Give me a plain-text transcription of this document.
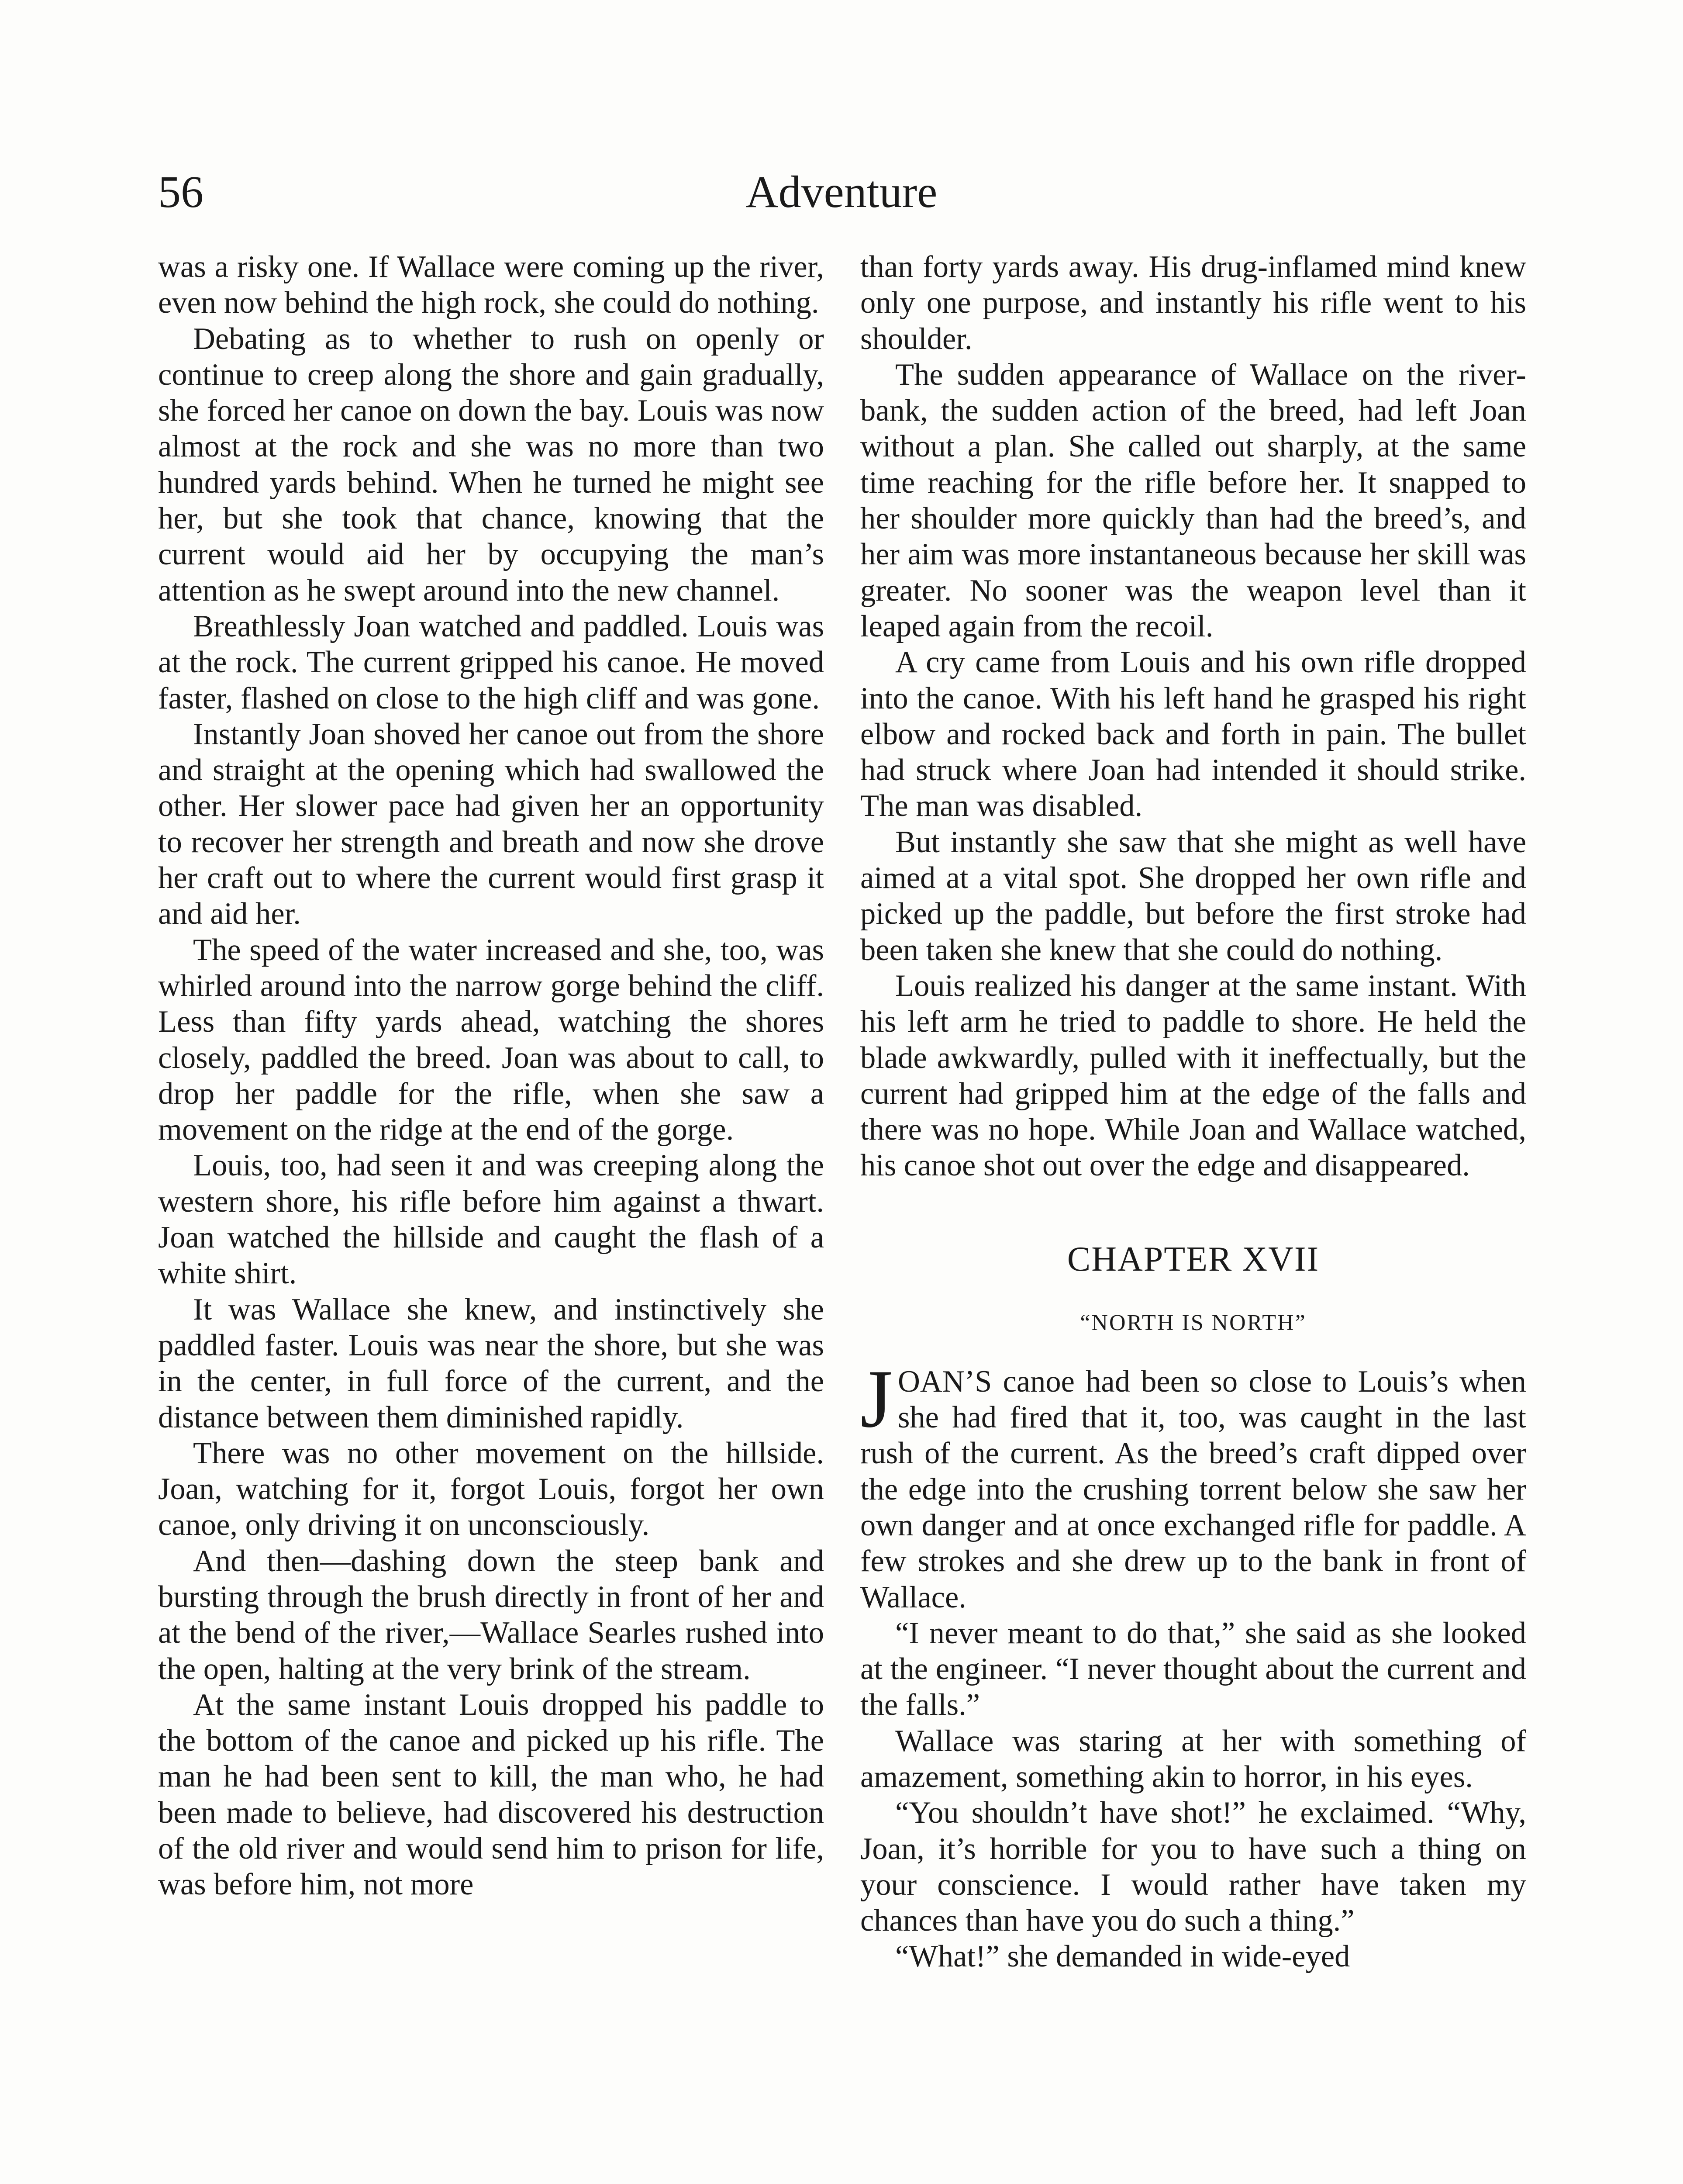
56	Adventure

was a risky one. If Wallace were coming up the river, even now behind the high rock, she could do nothing.

Debating as to whether to rush on openly or continue to creep along the shore and gain gradually, she forced her canoe on down the bay. Louis was now almost at the rock and she was no more than two hundred yards behind. When he turned he might see her, but she took that chance, knowing that the current would aid her by occupying the man’s attention as he swept around into the new channel.

Breathlessly Joan watched and paddled. Louis was at the rock. The current gripped his canoe. He moved faster, flashed on close to the high cliff and was gone.

Instantly Joan shoved her canoe out from the shore and straight at the opening which had swallowed the other. Her slower pace had given her an opportunity to recover her strength and breath and now she drove her craft out to where the current would first grasp it and aid her.

The speed of the water increased and she, too, was whirled around into the narrow gorge behind the cliff. Less than fifty yards ahead, watching the shores closely, paddled the breed. Joan was about to call, to drop her paddle for the rifle, when she saw a movement on the ridge at the end of the gorge.

Louis, too, had seen it and was creeping along the western shore, his rifle before him against a thwart. Joan watched the hillside and caught the flash of a white shirt.

It was Wallace she knew, and instinctively she paddled faster. Louis was near the shore, but she was in the center, in full force of the current, and the distance between them diminished rapidly.

There was no other movement on the hillside. Joan, watching for it, forgot Louis, forgot her own canoe, only driving it on unconsciously.

And then—dashing down the steep bank and bursting through the brush directly in front of her and at the bend of the river,—Wallace Searles rushed into the open, halting at the very brink of the stream.

At the same instant Louis dropped his paddle to the bottom of the canoe and picked up his rifle. The man he had been sent to kill, the man who, he had been made to believe, had discovered his destruction of the old river and would send him to prison for life, was before him, not more

than forty yards away. His drug-inflamed mind knew only one purpose, and instantly his rifle went to his shoulder.

The sudden appearance of Wallace on the river-bank, the sudden action of the breed, had left Joan without a plan. She called out sharply, at the same time reaching for the rifle before her. It snapped to her shoulder more quickly than had the breed’s, and her aim was more instantaneous because her skill was greater. No sooner was the weapon level than it leaped again from the recoil.

A cry came from Louis and his own rifle dropped into the canoe. With his left hand he grasped his right elbow and rocked back and forth in pain. The bullet had struck where Joan had intended it should strike. The man was disabled.

But instantly she saw that she might as well have aimed at a vital spot. She dropped her own rifle and picked up the paddle, but before the first stroke had been taken she knew that she could do nothing.

Louis realized his danger at the same instant. With his left arm he tried to paddle to shore. He held the blade awkwardly, pulled with it ineffectually, but the current had gripped him at the edge of the falls and there was no hope. While Joan and Wallace watched, his canoe shot out over the edge and disappeared.

CHAPTER XVII
“NORTH IS NORTH”

JOAN’S canoe had been so close to Louis’s when she had fired that it, too, was caught in the last rush of the current. As the breed’s craft dipped over the edge into the crushing torrent below she saw her own danger and at once exchanged rifle for paddle. A few strokes and she drew up to the bank in front of Wallace.

“I never meant to do that,” she said as she looked at the engineer. “I never thought about the current and the falls.”

Wallace was staring at her with something of amazement, something akin to horror, in his eyes.

“You shouldn’t have shot!” he exclaimed. “Why, Joan, it’s horrible for you to have such a thing on your conscience. I would rather have taken my chances than have you do such a thing.”

“What!” she demanded in wide-eyed
